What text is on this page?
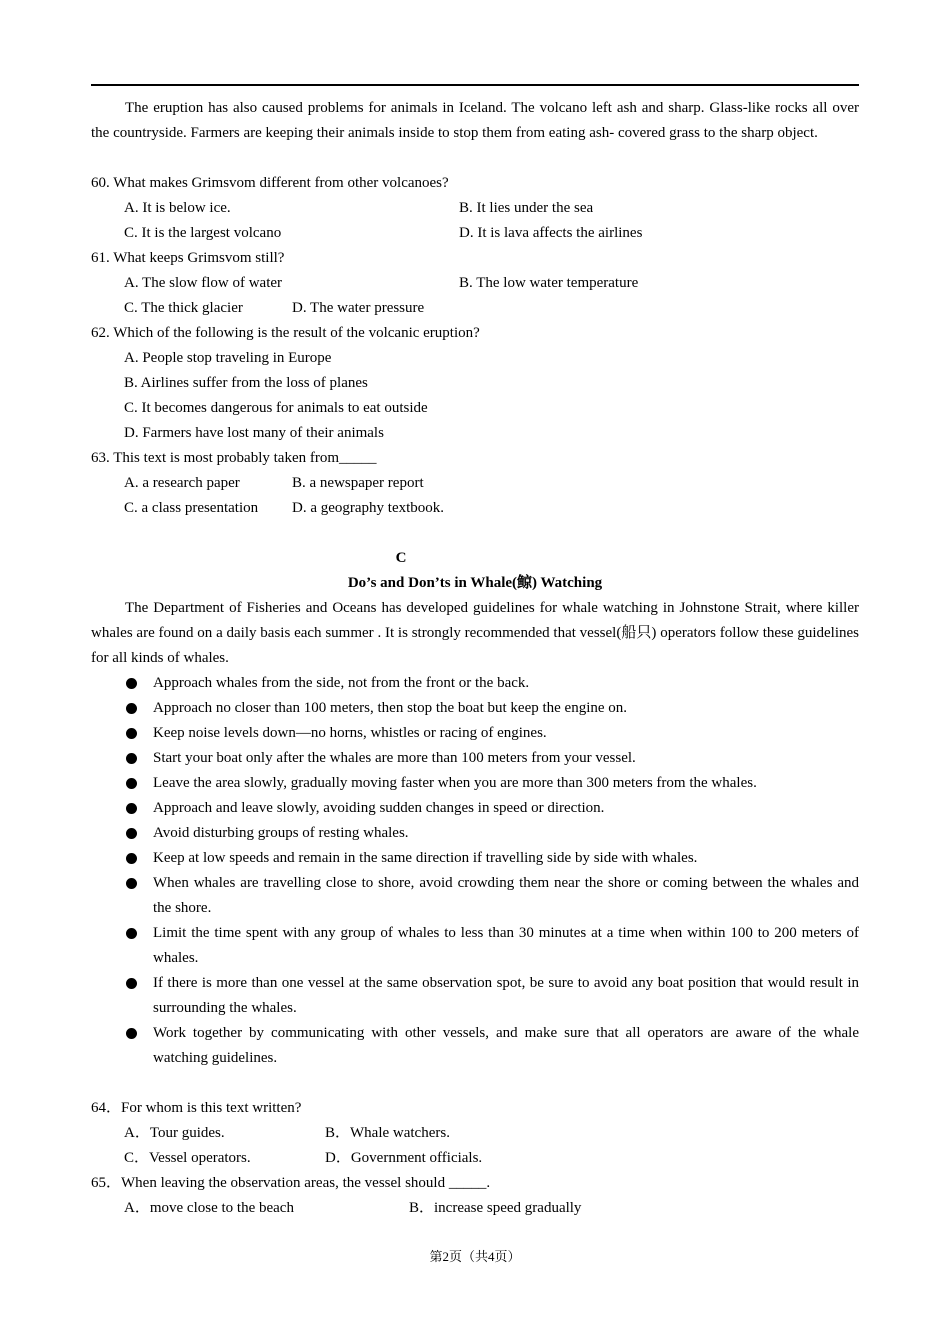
The eruption has also caused problems for animals in Iceland. The volcano left ash and sharp. Glass-like rocks all over the countryside. Farmers are keeping their animals inside to stop them from eating ash- covered grass to the sharp object.

60. What makes Grimsvom different from other volcanoes?
A. It is below ice.	B. It lies under the sea
C. It is the largest volcano	D. It is lava affects the airlines
61. What keeps Grimsvom still?
A. The slow flow of water	B. The low water temperature
C. The thick glacier	D. The water pressure
62. Which of the following is the result of the volcanic eruption?
A. People stop traveling in Europe
B. Airlines suffer from the loss of planes
C. It becomes dangerous for animals to eat outside
D. Farmers have lost many of their animals
63. This text is most probably taken from_____
A. a research paper	B. a newspaper report
C. a class presentation D. a geography textbook.
C
Do’s and Don’ts in Whale(鲸) Watching

The Department of Fisheries and Oceans has developed guidelines for whale watching in Johnstone Strait, where killer whales are found on a daily basis each summer . It is strongly recommended that vessel(船只) operators follow these guidelines for all kinds of whales.

Approach whales from the side, not from the front or the back.
Approach no closer than 100 meters, then stop the boat but keep the engine on.
Keep noise levels down—no horns, whistles or racing of engines.
Start your boat only after the whales are more than 100 meters from your vessel.
Leave the area slowly, gradually moving faster when you are more than 300 meters from the whales.
Approach and leave slowly, avoiding sudden changes in speed or direction.
Avoid disturbing groups of resting whales.
Keep at low speeds and remain in the same direction if travelling side by side with whales.
When whales are travelling close to shore, avoid crowding them near the shore or coming between the whales and the shore.
Limit the time spent with any group of whales to less than 30 minutes at a time when within 100 to 200 meters of whales.
If there is more than one vessel at the same observation spot, be sure to avoid any boat position that would result in surrounding the whales.
Work together by communicating with other vessels, and make sure that all operators are aware of the whale watching guidelines.
64．For whom is this text written?
A．Tour guides.	B．Whale watchers.
C．Vessel operators.	D．Government officials.
65．When leaving the observation areas, the vessel should _____.
A．move close to the beach	B．increase speed gradually
第2页（共4页）
